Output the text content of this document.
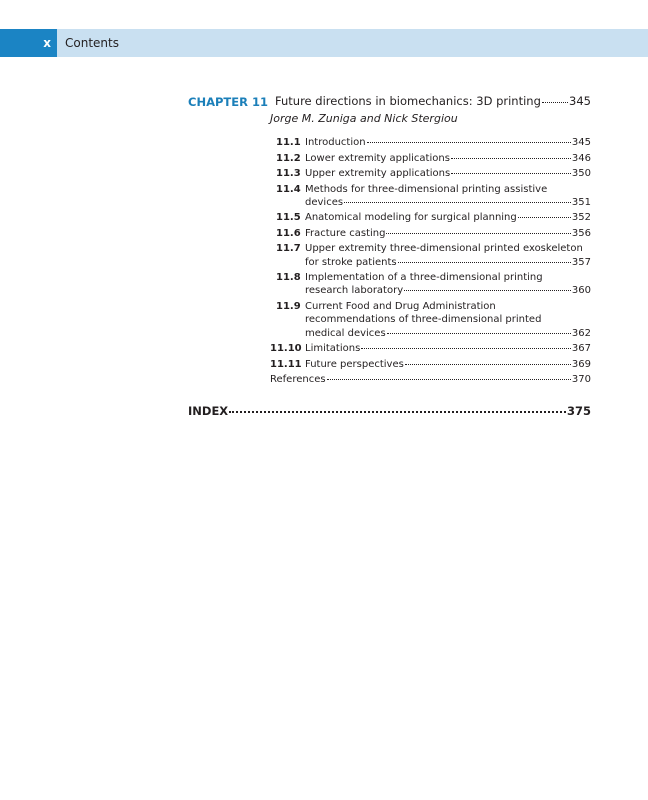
x	Contents
CHAPTER 11 Future directions in biomechanics: 3D printing 345
Jorge M. Zuniga and Nick Stergiou
11.1 Introduction	345
11.2 Lower extremity applications	346
11.3 Upper extremity applications	350
11.4 Methods for three-dimensional printing assistive
devices	351
11.5 Anatomical modeling for surgical planning	352
11.6 Fracture casting	356
11.7 Upper extremity three-dimensional printed exoskeleton
for stroke patients	357
11.8 Implementation of a three-dimensional printing
research laboratory	360
11.9 Current Food and Drug Administration
recommendations of three-dimensional printed
medical devices	362
11.10 Limitations	367
11.11 Future perspectives	369
References	370
INDEX	375
